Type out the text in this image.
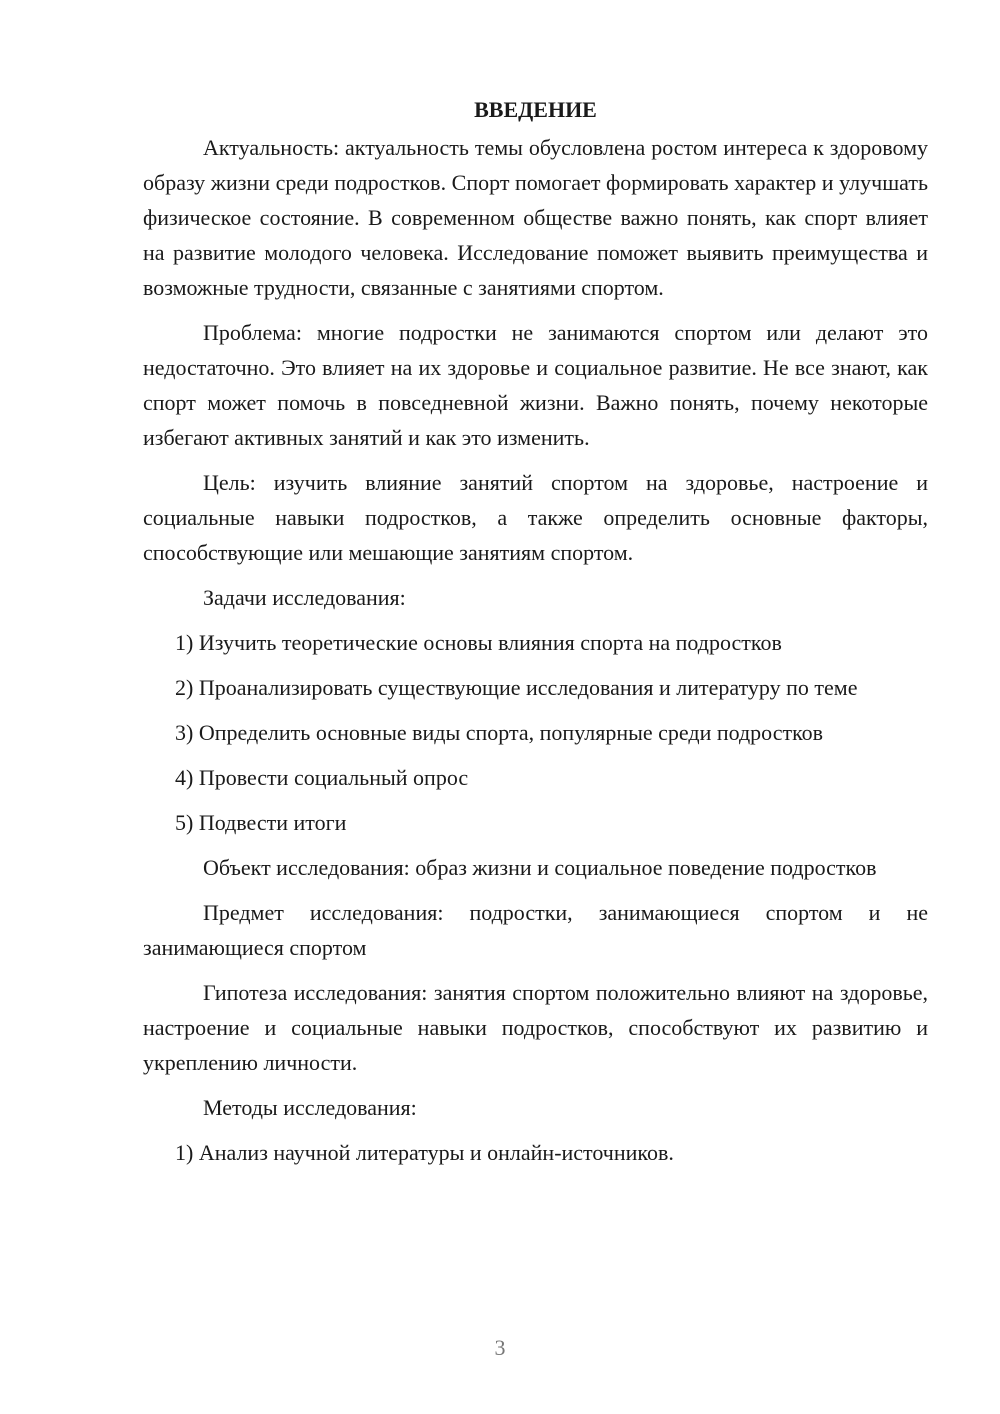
ВВЕДЕНИЕ

Актуальность: актуальность темы обусловлена ростом интереса к здоровому образу жизни среди подростков. Спорт помогает формировать характер и улучшать физическое состояние. В современном обществе важно понять, как спорт влияет на развитие молодого человека. Исследование поможет выявить преимущества и возможные трудности, связанные с занятиями спортом.

Проблема: многие подростки не занимаются спортом или делают это недостаточно. Это влияет на их здоровье и социальное развитие. Не все знают, как спорт может помочь в повседневной жизни. Важно понять, почему некоторые избегают активных занятий и как это изменить.

Цель: изучить влияние занятий спортом на здоровье, настроение и социальные навыки подростков, а также определить основные факторы, способствующие или мешающие занятиям спортом.

Задачи исследования:

1) Изучить теоретические основы влияния спорта на подростков

2) Проанализировать существующие исследования и литературу по теме

3) Определить основные виды спорта, популярные среди подростков

4) Провести социальный опрос

5) Подвести итоги

Объект исследования: образ жизни и социальное поведение подростков

Предмет исследования: подростки, занимающиеся спортом и не занимающиеся спортом

Гипотеза исследования: занятия спортом положительно влияют на здоровье, настроение и социальные навыки подростков, способствуют их развитию и укреплению личности.

Методы исследования:

1) Анализ научной литературы и онлайн-источников.

3
